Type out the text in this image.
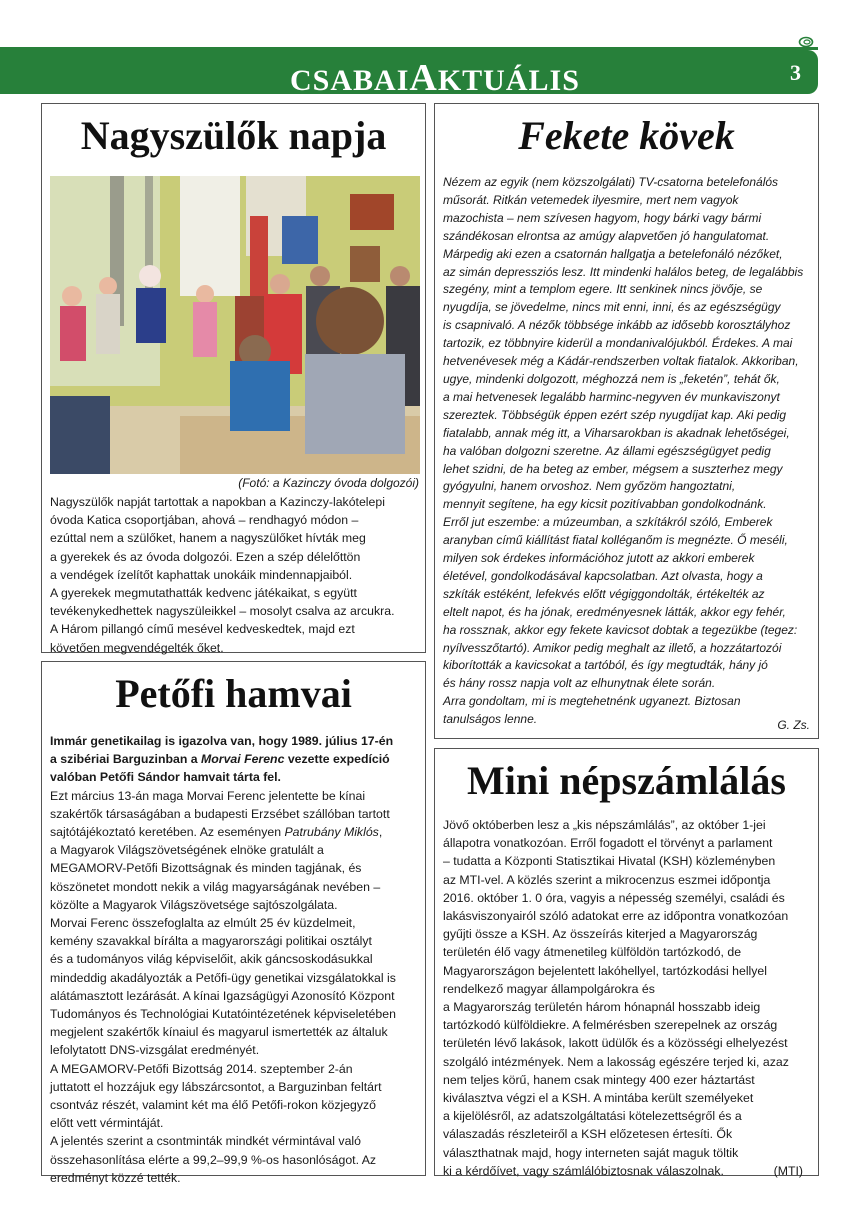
CSABAIAKTUÁLIS	3
Nagyszülők napja
(Fotó: a Kazinczy óvoda dolgozói)
Nagyszülők napját tartottak a napokban a Kazinczy-lakótelepi
óvoda Katica csoportjában, ahová – rendhagyó módon –
ezúttal nem a szülőket, hanem a nagyszülőket hívták meg
a gyerekek és az óvoda dolgozói. Ezen a szép délelőttön
a vendégek ízelítőt kaphattak unokáik mindennapjaiból.
A gyerekek megmutathatták kedvenc játékaikat, s együtt
tevékenykedhettek nagyszüleikkel – mosolyt csalva az arcukra.
A Három pillangó című mesével kedveskedtek, majd ezt
követően megvendégelték őket.
Petőfi hamvai
Immár genetikailag is igazolva van, hogy 1989. július 17-én
a szibériai Barguzinban a Morvai Ferenc vezette expedíció
valóban Petőfi Sándor hamvait tárta fel.
Ezt március 13-án maga Morvai Ferenc jelentette be kínai
szakértők társaságában a budapesti Erzsébet szállóban tartott
sajtótájékoztató keretében. Az eseményen Patrubány Miklós,
a Magyarok Világszövetségének elnöke gratulált a
MEGAMORV-Petőfi Bizottságnak és minden tagjának, és
köszönetet mondott nekik a világ magyarságának nevében –
közölte a Magyarok Világszövetsége sajtószolgálata.
Morvai Ferenc összefoglalta az elmúlt 25 év küzdelmeit,
kemény szavakkal bírálta a magyarországi politikai osztályt
és a tudományos világ képviselőit, akik gáncsoskodásukkal
mindeddig akadályozták a Petőfi-ügy genetikai vizsgálatokkal is
alátámasztott lezárását. A kínai Igazságügyi Azonosító Központ
Tudományos és Technológiai Kutatóintézetének képviseletében
megjelent szakértők kínaiul és magyarul ismertették az általuk
lefolytatott DNS-vizsgálat eredményét.
A MEGAMORV-Petőfi Bizottság 2014. szeptember 2-án
juttatott el hozzájuk egy lábszárcsontot, a Barguzinban feltárt
csontváz részét, valamint két ma élő Petőfi-rokon közjegyző
előtt vett vérmintáját.
A jelentés szerint a csontminták mindkét vérmintával való
összehasonlítása elérte a 99,2–99,9 %-os hasonlóságot. Az
eredményt közzé tették.
Fekete kövek
Nézem az egyik (nem közszolgálati) TV-csatorna betelefonálós
műsorát. Ritkán vetemedek ilyesmire, mert nem vagyok
mazochista – nem szívesen hagyom, hogy bárki vagy bármi
szándékosan elrontsa az amúgy alapvetően jó hangulatomat.
Márpedig aki ezen a csatornán hallgatja a betelefonáló nézőket,
az simán depressziós lesz. Itt mindenki halálos beteg, de legalábbis
szegény, mint a templom egere. Itt senkinek nincs jövője, se
nyugdíja, se jövedelme, nincs mit enni, inni, és az egészségügy
is csapnivaló. A nézők többsége inkább az idősebb korosztályhoz
tartozik, ez többnyire kiderül a mondanivalójukból. Érdekes. A mai
hetvenévesek még a Kádár-rendszerben voltak fiatalok. Akkoriban,
ugye, mindenki dolgozott, méghozzá nem is „feketén”, tehát ők,
a mai hetvenesek legalább harminc-negyven év munkaviszonyt
szereztek. Többségük éppen ezért szép nyugdíjat kap. Aki pedig
fiatalabb, annak még itt, a Viharsarokban is akadnak lehetőségei,
ha valóban dolgozni szeretne. Az állami egészségügyet pedig
lehet szidni, de ha beteg az ember, mégsem a suszterhez megy
gyógyulni, hanem orvoshoz. Nem győzöm hangoztatni,
mennyit segítene, ha egy kicsit pozitívabban gondolkodnánk.
Erről jut eszembe: a múzeumban, a szkítákról szóló, Emberek
aranyban című kiállítást fiatal kolléganőm is megnézte. Ő meséli,
milyen sok érdekes információhoz jutott az akkori emberek
életével, gondolkodásával kapcsolatban. Azt olvasta, hogy a
szkíták estéként, lefekvés előtt végiggondolták, értékelték az
eltelt napot, és ha jónak, eredményesnek látták, akkor egy fehér,
ha rossznak, akkor egy fekete kavicsot dobtak a tegezükbe (tegez:
nyílvesszőtartó). Amikor pedig meghalt az illető, a hozzátartozói
kiborították a kavicsokat a tartóból, és így megtudták, hány jó
és hány rossz napja volt az elhunytnak élete során.
Arra gondoltam, mi is megtehetnénk ugyanezt. Biztosan
tanulságos lenne.	G. Zs.
Mini népszámlálás
Jövő októberben lesz a „kis népszámlálás”, az október 1-jei
állapotra vonatkozóan. Erről fogadott el törvényt a parlament
– tudatta a Központi Statisztikai Hivatal (KSH) közleményben
az MTI-vel. A közlés szerint a mikrocenzus eszmei időpontja
2016. október 1. 0 óra, vagyis a népesség személyi, családi és
lakásviszonyairól szóló adatokat erre az időpontra vonatkozóan
gyűjti össze a KSH. Az összeírás kiterjed a Magyarország
területén élő vagy átmenetileg külföldön tartózkodó, de
Magyarországon bejelentett lakóhellyel, tartózkodási hellyel
rendelkező magyar állampolgárokra és
a Magyarország területén három hónapnál hosszabb ideig
tartózkodó külföldiekre. A felmérésben szerepelnek az ország
területén lévő lakások, lakott üdülők és a közösségi elhelyezést
szolgáló intézmények. Nem a lakosság egészére terjed ki, azaz
nem teljes körű, hanem csak mintegy 400 ezer háztartást
kiválasztva végzi el a KSH. A mintába került személyeket
a kijelölésről, az adatszolgáltatási kötelezettségről és a
válaszadás részleteiről a KSH előzetesen értesíti. Ők
választhatnak majd, hogy interneten saját maguk töltik
ki a kérdőívet, vagy számlálóbiztosnak válaszolnak.	(MTI)
